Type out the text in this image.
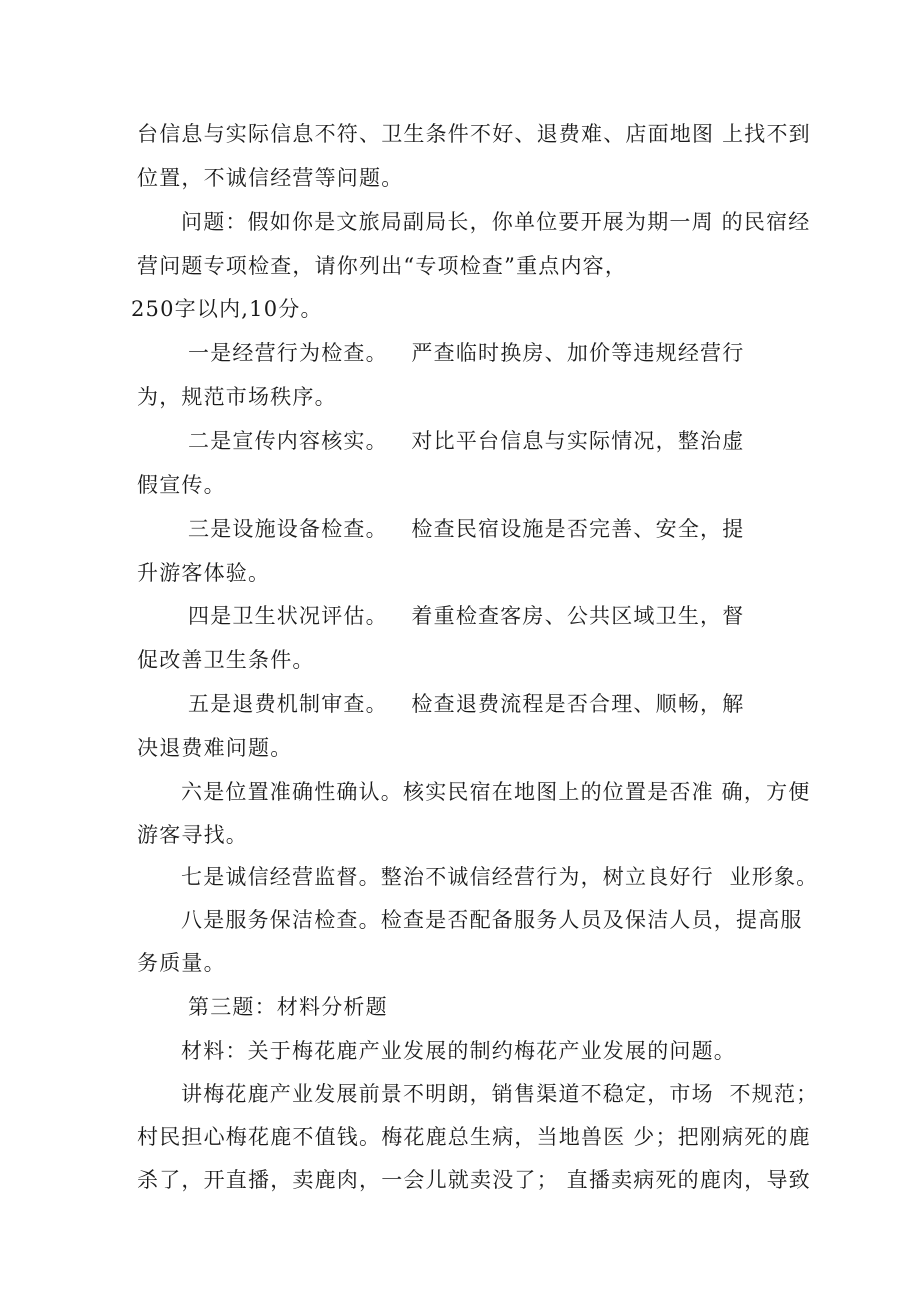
台信息与实际信息不符、卫生条件不好、退费难、店面地图 上找不到
位置，不诚信经营等问题。
问题：假如你是文旅局副局长，你单位要开展为期一周 的民宿经
营问题专项检查，请你列出“专项检查”重点内容，
250字以内,10分。
一是经营行为检查。   严查临时换房、加价等违规经营行
为，规范市场秩序。
二是宣传内容核实。   对比平台信息与实际情况，整治虚
假宣传。
三是设施设备检查。   检查民宿设施是否完善、安全，提
升游客体验。
四是卫生状况评估。   着重检查客房、公共区域卫生，督
促改善卫生条件。
五是退费机制审查。   检查退费流程是否合理、顺畅，解
决退费难问题。
六是位置准确性确认。核实民宿在地图上的位置是否准 确，方便
游客寻找。
七是诚信经营监督。整治不诚信经营行为，树立良好行  业形象。
八是服务保洁检查。检查是否配备服务人员及保洁人员，提高服
务质量。
第三题：材料分析题
材料：关于梅花鹿产业发展的制约梅花产业发展的问题。
讲梅花鹿产业发展前景不明朗，销售渠道不稳定，市场  不规范；
村民担心梅花鹿不值钱。梅花鹿总生病，当地兽医 少；把刚病死的鹿
杀了，开直播，卖鹿肉，一会儿就卖没了； 直播卖病死的鹿肉，导致
